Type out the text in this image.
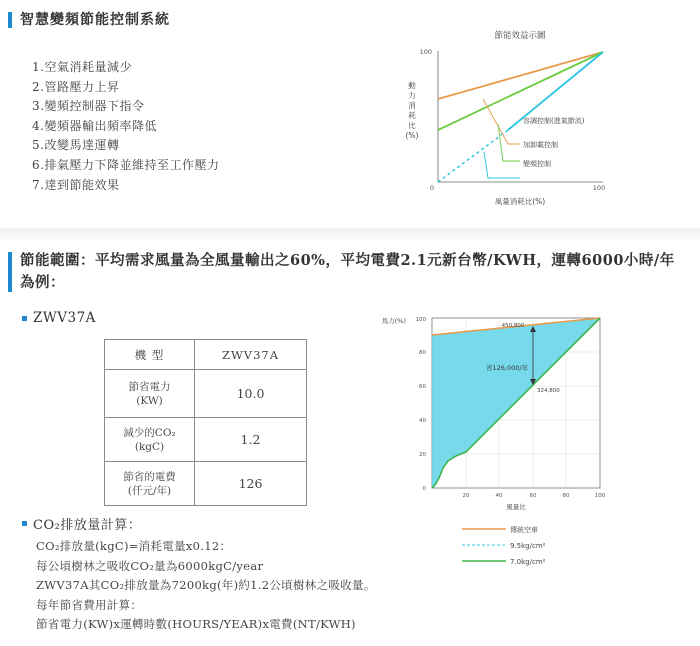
智慧變頻節能控制系統
1.空氣消耗量減少
2.管路壓力上昇
3.變頻控制器下指令
4.變頻器輸出頻率降低
5.改變馬達運轉
6.排氣壓力下降並維持至工作壓力
7.達到節能效果
節能效益示圖
100
0	100
動力消耗比(%)
風量消耗比(%)
容調控制(進氣節流)
加卸載控制
變頻控制
節能範圍：平均需求風量為全風量輸出之60%，平均電費2.1元新台幣/KWH，運轉6000小時/年為例：
ZWV37A
機 型	ZWV37A
節省電力
(KW)	10.0
減少的CO₂
(kgC)	1.2
節省的電費
(仟元/年)	126
馬力(%)
450,800
省126,000/年
324,800
100
80
60
40
20
0
20	40	60	80	100
風量比
傳統空車
9.5kg/cm²
7.0kg/cm²
CO₂排放量計算：
CO₂排放量(kgC)=消耗電量x0.12：
每公頃樹林之吸收CO₂量為6000kgC/year
ZWV37A其CO₂排放量為7200kg(年)約1.2公頃樹林之吸收量。
每年節省費用計算：
節省電力(KW)x運轉時數(HOURS/YEAR)x電費(NT/KWH)
